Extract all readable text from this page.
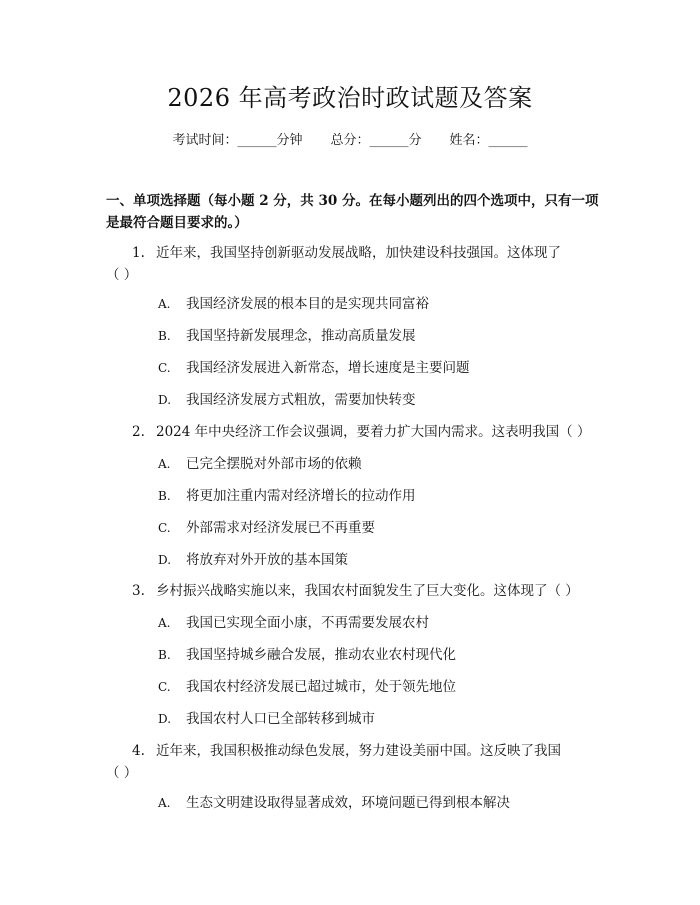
2026 年高考政治时政试题及答案
考试时间：______分钟 总分：______分 姓名：______
一、单项选择题（每小题 2 分，共 30 分。在每小题列出的四个选项中，只有一项是最符合题目要求的。）
1. 近年来，我国坚持创新驱动发展战略，加快建设科技强国。这体现了
（ ）
A. 我国经济发展的根本目的是实现共同富裕
B. 我国坚持新发展理念，推动高质量发展
C. 我国经济发展进入新常态，增长速度是主要问题
D. 我国经济发展方式粗放，需要加快转变
2. 2024 年中央经济工作会议强调，要着力扩大国内需求。这表明我国（ ）
A. 已完全摆脱对外部市场的依赖
B. 将更加注重内需对经济增长的拉动作用
C. 外部需求对经济发展已不再重要
D. 将放弃对外开放的基本国策
3. 乡村振兴战略实施以来，我国农村面貌发生了巨大变化。这体现了（ ）
A. 我国已实现全面小康，不再需要发展农村
B. 我国坚持城乡融合发展，推动农业农村现代化
C. 我国农村经济发展已超过城市，处于领先地位
D. 我国农村人口已全部转移到城市
4. 近年来，我国积极推动绿色发展，努力建设美丽中国。这反映了我国
（ ）
A. 生态文明建设取得显著成效，环境问题已得到根本解决
